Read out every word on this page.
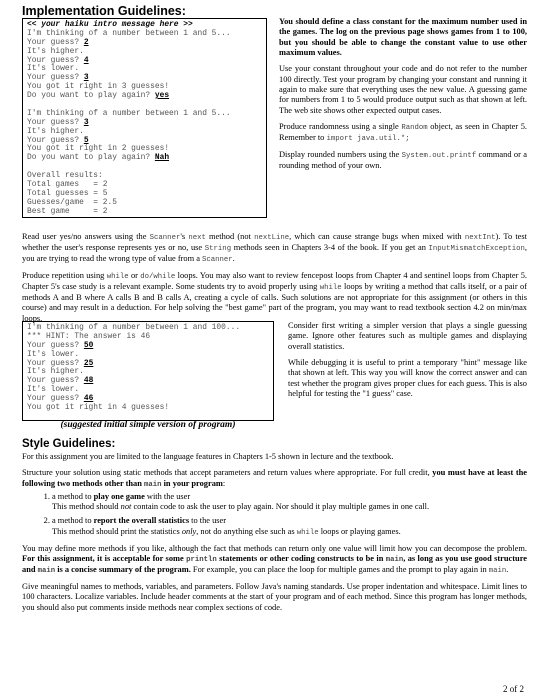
Implementation Guidelines:
<< your haiku intro message here >>
I'm thinking of a number between 1 and 5...
Your guess? 2
It's higher.
Your guess? 4
It's lower.
Your guess? 3
You got it right in 3 guesses!
Do you want to play again? yes
I'm thinking of a number between 1 and 5...
Your guess? 3
It's higher.
Your guess? 5
You got it right in 2 guesses!
Do you want to play again? Nah
Overall results:
Total games   = 2
Total guesses = 5
Guesses/game  = 2.5
Best game     = 2

You should define a class constant for the maximum number used in the games. The log on the previous page shows games from 1 to 100, but you should be able to change the constant value to use other maximum values.

Use your constant throughout your code and do not refer to the number 100 directly. Test your program by changing your constant and running it again to make sure that everything uses the new value. A guessing game for numbers from 1 to 5 would produce output such as that shown at left. The web site shows other expected output cases.

Produce randomness using a single Random object, as seen in Chapter 5. Remember to import java.util.*;

Display rounded numbers using the System.out.printf command or a rounding method of your own.

Read user yes/no answers using the Scanner's next method (not nextLine, which can cause strange bugs when mixed with nextInt). To test whether the user's response represents yes or no, use String methods seen in Chapters 3-4 of the book. If you get an InputMismatchException, you are trying to read the wrong type of value from a Scanner.

Produce repetition using while or do/while loops. You may also want to review fencepost loops from Chapter 4 and sentinel loops from Chapter 5. Chapter 5's case study is a relevant example. Some students try to avoid properly using while loops by writing a method that calls itself, or a pair of methods A and B where A calls B and B calls A, creating a cycle of calls. Such solutions are not appropriate for this assignment (or others in this course) and may result in a deduction. For help solving the "best game" part of the program, you may want to read textbook section 4.2 on min/max loops.

I'm thinking of a number between 1 and 100...
*** HINT: The answer is 46
Your guess? 50
It's lower.
Your guess? 25
It's higher.
Your guess? 48
It's lower.
Your guess? 46
You got it right in 4 guesses!
(suggested initial simple version of program)

Consider first writing a simpler version that plays a single guessing game. Ignore other features such as multiple games and displaying overall statistics.

While debugging it is useful to print a temporary "hint" message like that shown at left. This way you will know the correct answer and can test whether the program gives proper clues for each guess. This is also helpful for testing the "1 guess" case.

Style Guidelines:

For this assignment you are limited to the language features in Chapters 1-5 shown in lecture and the textbook.

Structure your solution using static methods that accept parameters and return values where appropriate. For full credit, you must have at least the following two methods other than main in your program:

1. a method to play one game with the user
This method should not contain code to ask the user to play again. Nor should it play multiple games in one call.
2. a method to report the overall statistics to the user
This method should print the statistics only, not do anything else such as while loops or playing games.

You may define more methods if you like, although the fact that methods can return only one value will limit how you can decompose the problem. For this assignment, it is acceptable for some println statements or other coding constructs to be in main, as long as you use good structure and main is a concise summary of the program. For example, you can place the loop for multiple games and the prompt to play again in main.

Give meaningful names to methods, variables, and parameters. Follow Java's naming standards. Use proper indentation and whitespace. Limit lines to 100 characters. Localize variables. Include header comments at the start of your program and of each method. Since this program has longer methods, you should also put comments inside methods near complex sections of code.

2 of 2
